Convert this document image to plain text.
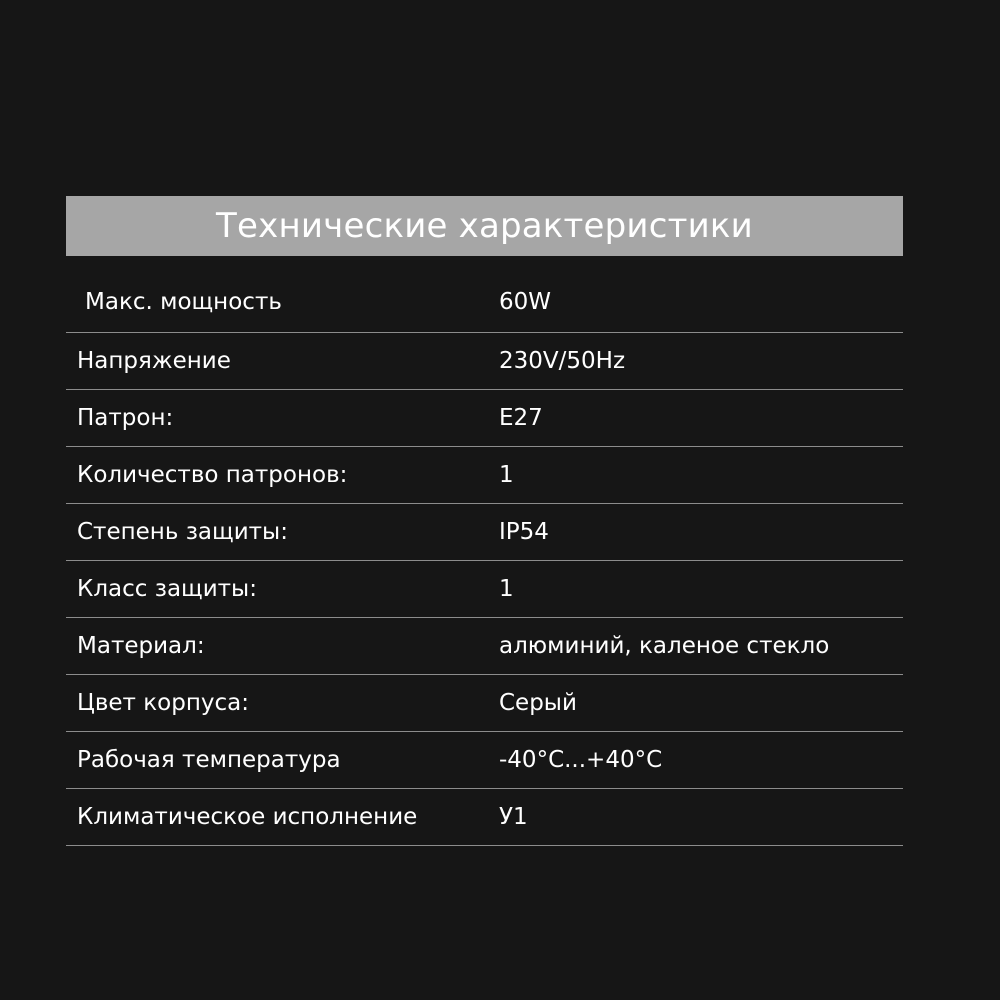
Технические характеристики
Макс. мощность	60W
Напряжение	230V/50Hz
Патрон:	E27
Количество патронов:	1
Степень защиты:	IP54
Класс защиты:	1
Материал:	алюминий, каленое стекло
Цвет корпуса:	Серый
Рабочая температура	-40°C...+40°C
Климатическое исполнение	У1
